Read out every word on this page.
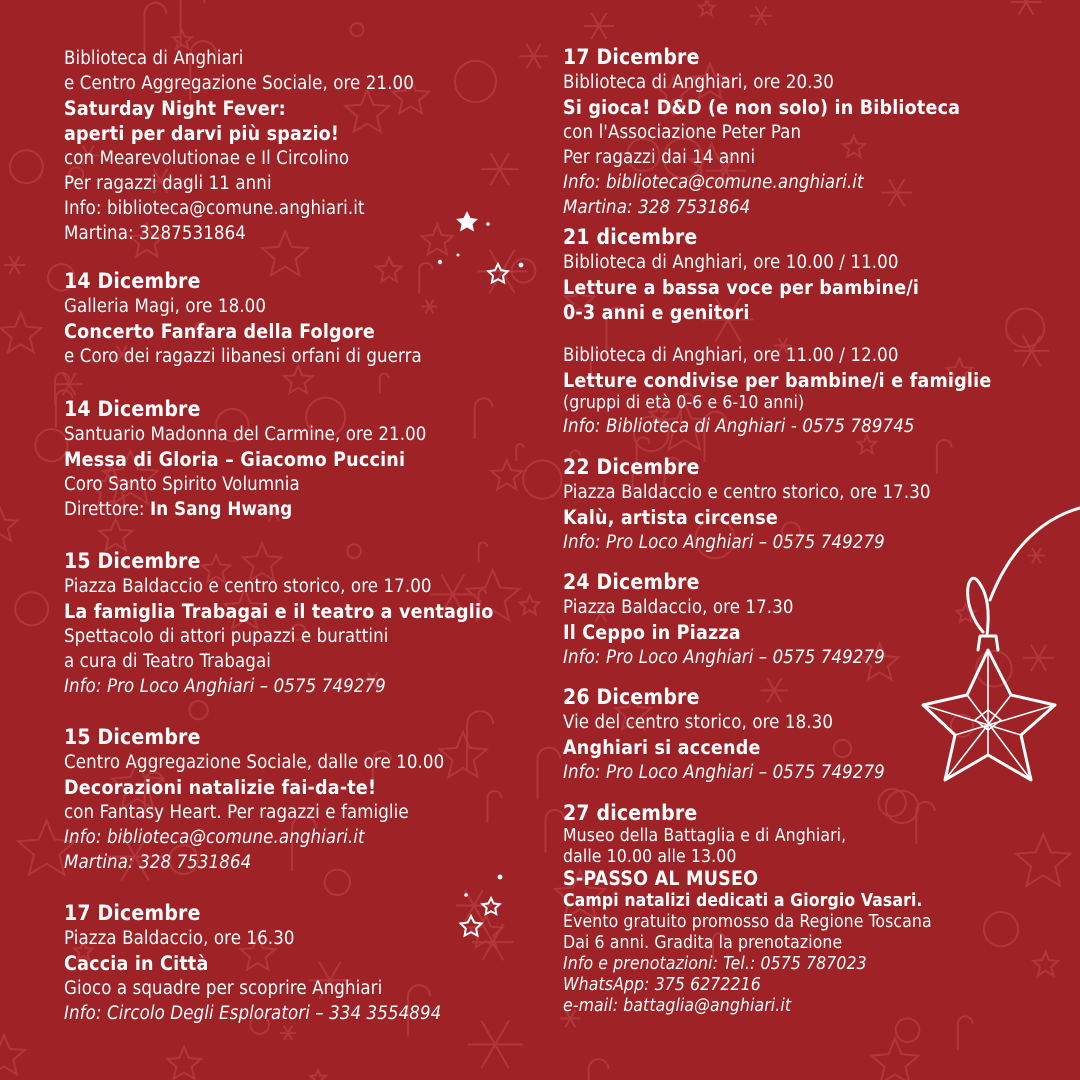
Biblioteca di Anghiari
e Centro Aggregazione Sociale, ore 21.00
Saturday Night Fever:
aperti per darvi più spazio!
con Mearevolutionae e Il Circolino
Per ragazzi dagli 11 anni
Info: biblioteca@comune.anghiari.it
Martina: 3287531864
14 Dicembre
Galleria Magi, ore 18.00
Concerto Fanfara della Folgore
e Coro dei ragazzi libanesi orfani di guerra
14 Dicembre
Santuario Madonna del Carmine, ore 21.00
Messa di Gloria – Giacomo Puccini
Coro Santo Spirito Volumnia
Direttore: In Sang Hwang
15 Dicembre
Piazza Baldaccio e centro storico, ore 17.00
La famiglia Trabagai e il teatro a ventaglio
Spettacolo di attori pupazzi e burattini
a cura di Teatro Trabagai
Info: Pro Loco Anghiari – 0575 749279
15 Dicembre
Centro Aggregazione Sociale, dalle ore 10.00
Decorazioni natalizie fai-da-te!
con Fantasy Heart. Per ragazzi e famiglie
Info: biblioteca@comune.anghiari.it
Martina: 328 7531864
17 Dicembre
Piazza Baldaccio, ore 16.30
Caccia in Città
Gioco a squadre per scoprire Anghiari
Info: Circolo Degli Esploratori – 334 3554894
17 Dicembre
Biblioteca di Anghiari, ore 20.30
Si gioca! D&D (e non solo) in Biblioteca
con l'Associazione Peter Pan
Per ragazzi dai 14 anni
Info: biblioteca@comune.anghiari.it
Martina: 328 7531864
21 dicembre
Biblioteca di Anghiari, ore 10.00 / 11.00
Letture a bassa voce per bambine/i
0-3 anni e genitori
Biblioteca di Anghiari, ore 11.00 / 12.00
Letture condivise per bambine/i e famiglie
(gruppi di età 0-6 e 6-10 anni)
Info: Biblioteca di Anghiari - 0575 789745
22 Dicembre
Piazza Baldaccio e centro storico, ore 17.30
Kalù, artista circense
Info: Pro Loco Anghiari – 0575 749279
24 Dicembre
Piazza Baldaccio, ore 17.30
Il Ceppo in Piazza
Info: Pro Loco Anghiari – 0575 749279
26 Dicembre
Vie del centro storico, ore 18.30
Anghiari si accende
Info: Pro Loco Anghiari – 0575 749279
27 dicembre
Museo della Battaglia e di Anghiari,
dalle 10.00 alle 13.00
S-PASSO AL MUSEO
Campi natalizi dedicati a Giorgio Vasari.
Evento gratuito promosso da Regione Toscana
Dai 6 anni. Gradita la prenotazione
Info e prenotazioni: Tel.: 0575 787023
WhatsApp: 375 6272216
e-mail: battaglia@anghiari.it
